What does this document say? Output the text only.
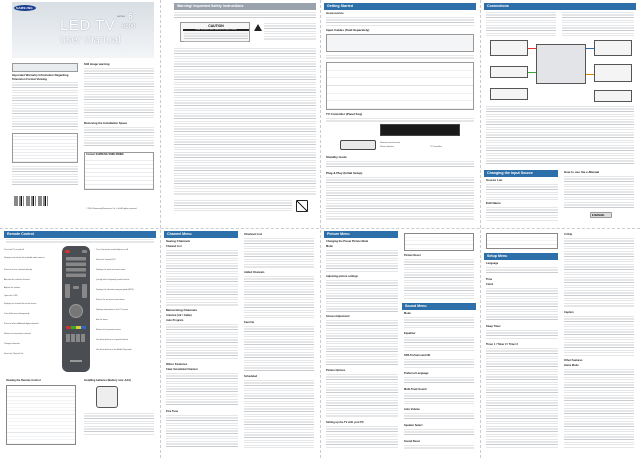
SAMSUNG
LED TV
user manual
series 6
6000
Important Warranty Information Regarding Television Format Viewing
Still image warning
Removing the Installation Space
Contact SAMSUNG WORLDWIDE
© 2010 Samsung Electronics Co., Ltd. All rights reserved.
Warning! Important Safety Instructions
CAUTION
RISK OF ELECTRIC SHOCK DO NOT OPEN
Getting Started
Accessories
Input Cables (Sold Separately)
TV Controller (Panel Key)
Remote control sensor
Power Indicator	TV Controller
Standby mode
Plug & Play (Initial Setup)
Connections
Changing the Input Source
Source List
Edit Name
How to use the e-Manual
E-MANUAL
Remote Control
Turns the TV on and off.
Displays and selects the available video sources.
Press to access channels directly.
Alternate the selected channel.
Adjusts the volume.
Opens the OSD.
Displays the channel list on the screen.
Cuts off the sound temporarily.
Press to select additional digital channels.
Returns to the previous channel.
Changes channels.
Views the Channel List.
Turns the remote control light on or off.
Views the Internet@TV.
Displays the main on-screen menu.
Quickly select frequently used functions.
Displays the electronic program guide (EPG).
Selects the on-screen menu items.
Displays information on the TV screen.
Exit the menu.
Returns to the previous menu.
Use these buttons in a specific feature.
Use these buttons in the Media Play mode.
Viewing the Remote Control	Installing batteries (Battery size: AAA)
Channel Menu
Seeing Channels
Channel List
Memorizing Channels
Antenna (Air / Cable)
Auto Program
Other Features
Clear Scrambled Channel
Fine Tune
Channel List
Added Channels
Favorite
Scheduled
Picture Menu
Changing the Preset Picture Mode
Mode
Adjusting picture settings
Screen Adjustment
Picture Options
Setting up the TV with your PC
Picture Reset
Sound Menu
Mode
Equalizer
SRS TruSurround HD
Preferred Language
Multi-Track Sound
Auto Volume
Speaker Select
Sound Reset
Setup Menu
Language
Time
Clock
Sleep Timer
Timer 1 / Timer 2 / Timer 3
V-Chip
Caption
Other Features
Game Mode
